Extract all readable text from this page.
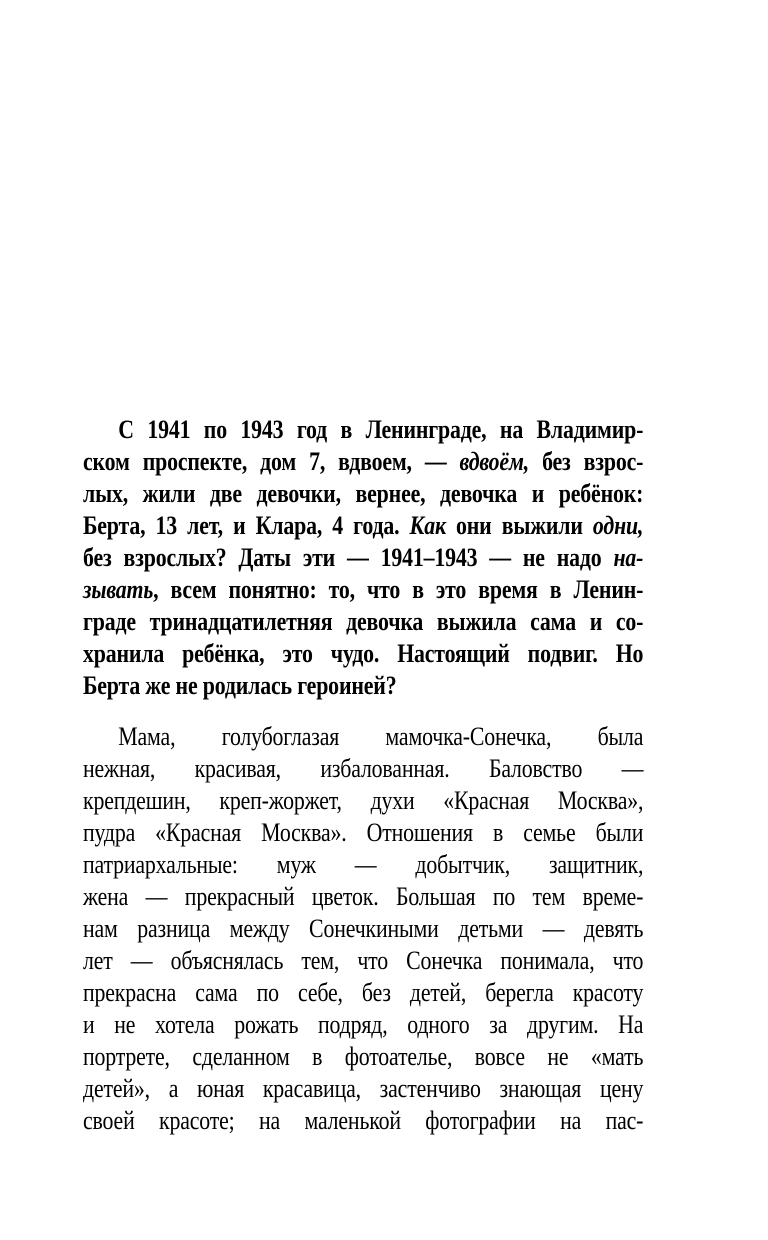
С 1941 по 1943 год в Ленинграде, на Владимир-
ском проспекте, дом 7, вдвоем, — вдвоём, без взрос-
лых, жили две девочки, вернее, девочка и ребёнок:
Берта, 13 лет, и Клара, 4 года. Как они выжили одни,
без взрослых? Даты эти — 1941–1943 — не надо на-
зывать, всем понятно: то, что в это время в Ленин-
граде тринадцатилетняя девочка выжила сама и со-
хранила ребёнка, это чудо. Настоящий подвиг. Но
Берта же не родилась героиней?
Мама, голубоглазая мамочка-Сонечка, была
нежная, красивая, избалованная. Баловство —
крепдешин, креп-жоржет, духи «Красная Москва»,
пудра «Красная Москва». Отношения в семье были
патриархальные: муж — добытчик, защитник,
жена — прекрасный цветок. Большая по тем време-
нам разница между Сонечкиными детьми — девять
лет — объяснялась тем, что Сонечка понимала, что
прекрасна сама по себе, без детей, берегла красоту
и не хотела рожать подряд, одного за другим. На
портрете, сделанном в фотоателье, вовсе не «мать
детей», а юная красавица, застенчиво знающая цену
своей красоте; на маленькой фотографии на пас-
